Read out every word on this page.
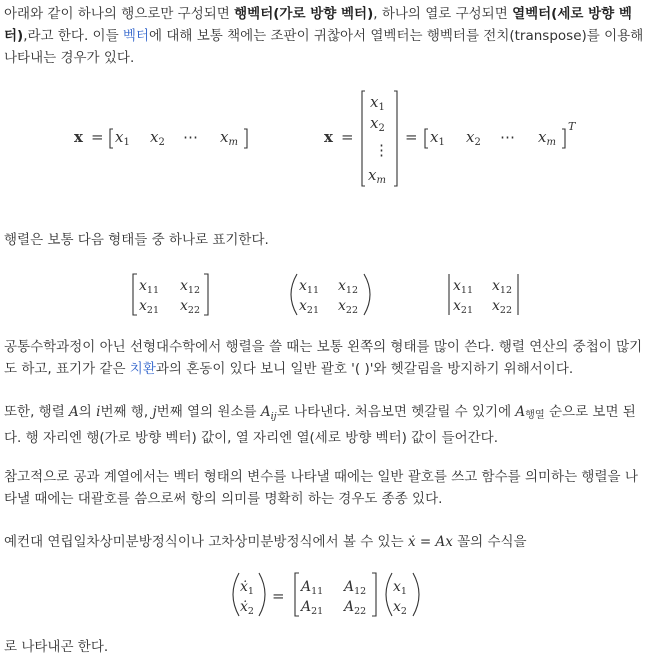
아래와 같이 하나의 행으로만 구성되면 행벡터(가로 방향 벡터), 하나의 열로 구성되면 열벡터(세로 방향 벡터),라고 한다. 이들 벡터에 대해 보통 책에는 조판이 귀찮아서 열벡터는 행벡터를 전치(transpose)를 이용해 나타내는 경우가 있다.

$x = x_1$ $x_2$ ⋯ $x_m$	x =
$x_1$
$x_2$
⋮
$x_m$
= $x_1$ $x_2$ ⋯ $x_m$
T

행렬은 보통 다음 형태들 중 하나로 표기한다.

$x_{11}$ $x_{12}$
$x_{21}$ $x_{22}$
$x_{11}$ $x_{12}$
$x_{21}$ $x_{22}$
$x_{11}$ $x_{12}$
$x_{21}$ $x_{22}$

공통수학과정이 아닌 선형대수학에서 행렬을 쓸 때는 보통 왼쪽의 형태를 많이 쓴다. 행렬 연산의 중첩이 많기도 하고, 표기가 같은 치환과의 혼동이 있다 보니 일반 괄호 '( )'와 헷갈림을 방지하기 위해서이다.

또한, 행렬 A의 i번째 행, j번째 열의 원소를 $A_{ij}$로 나타낸다. 처음보면 헷갈릴 수 있기에 A행열 순으로 보면 된다. 행 자리엔 행(가로 방향 벡터) 값이, 열 자리엔 열(세로 방향 벡터) 값이 들어간다.

참고적으로 공과 계열에서는 벡터 형태의 변수를 나타낼 때에는 일반 괄호를 쓰고 함수를 의미하는 행렬을 나타낼 때에는 대괄호를 씀으로써 항의 의미를 명확히 하는 경우도 종종 있다.

예컨대 연립일차상미분방정식이나 고차상미분방정식에서 볼 수 있는 ẋ = Ax 꼴의 수식을

ẋ$_1$
ẋ$_2$
= $A_{11}$ $A_{12}$
$A_{21}$ $A_{22}$
$x_1$
$x_2$

로 나타내곤 한다.
